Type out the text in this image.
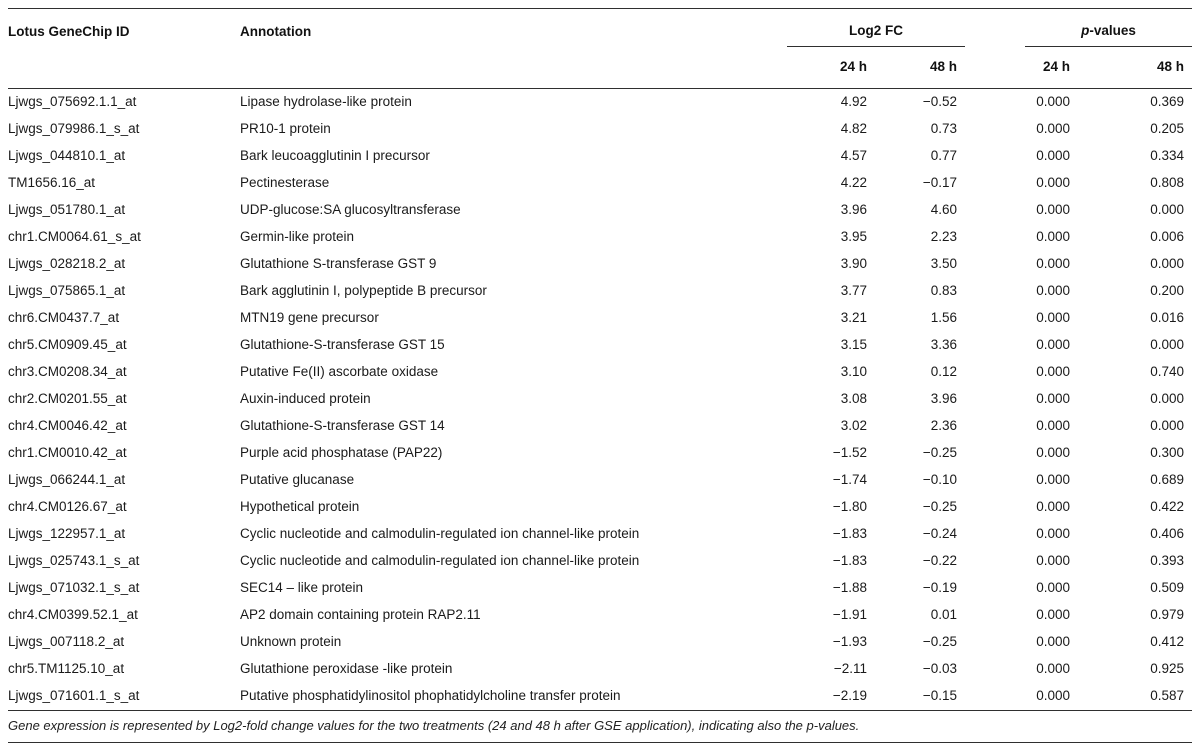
Lotus GeneChip ID	Annotation	Log2 FC		p-values	

		24 h	48 h	24 h	48 h
Ljwgs_075692.1.1_at	Lipase hydrolase-like protein	4.92	−0.52	0.000	0.369
Ljwgs_079986.1_s_at	PR10-1 protein	4.82	0.73	0.000	0.205
Ljwgs_044810.1_at	Bark leucoagglutinin I precursor	4.57	0.77	0.000	0.334
TM1656.16_at	Pectinesterase	4.22	−0.17	0.000	0.808
Ljwgs_051780.1_at	UDP-glucose:SA glucosyltransferase	3.96	4.60	0.000	0.000
chr1.CM0064.61_s_at	Germin-like protein	3.95	2.23	0.000	0.006
Ljwgs_028218.2_at	Glutathione S-transferase GST 9	3.90	3.50	0.000	0.000
Ljwgs_075865.1_at	Bark agglutinin I, polypeptide B precursor	3.77	0.83	0.000	0.200
chr6.CM0437.7_at	MTN19 gene precursor	3.21	1.56	0.000	0.016
chr5.CM0909.45_at	Glutathione-S-transferase GST 15	3.15	3.36	0.000	0.000
chr3.CM0208.34_at	Putative Fe(II) ascorbate oxidase	3.10	0.12	0.000	0.740
chr2.CM0201.55_at	Auxin-induced protein	3.08	3.96	0.000	0.000
chr4.CM0046.42_at	Glutathione-S-transferase GST 14	3.02	2.36	0.000	0.000
chr1.CM0010.42_at	Purple acid phosphatase (PAP22)	−1.52	−0.25	0.000	0.300
Ljwgs_066244.1_at	Putative glucanase	−1.74	−0.10	0.000	0.689
chr4.CM0126.67_at	Hypothetical protein	−1.80	−0.25	0.000	0.422
Ljwgs_122957.1_at	Cyclic nucleotide and calmodulin-regulated ion channel-like protein	−1.83	−0.24	0.000	0.406
Ljwgs_025743.1_s_at	Cyclic nucleotide and calmodulin-regulated ion channel-like protein	−1.83	−0.22	0.000	0.393
Ljwgs_071032.1_s_at	SEC14 – like protein	−1.88	−0.19	0.000	0.509
chr4.CM0399.52.1_at	AP2 domain containing protein RAP2.11	−1.91	0.01	0.000	0.979
Ljwgs_007118.2_at	Unknown protein	−1.93	−0.25	0.000	0.412
chr5.TM1125.10_at	Glutathione peroxidase -like protein	−2.11	−0.03	0.000	0.925
Ljwgs_071601.1_s_at	Putative phosphatidylinositol phophatidylcholine transfer protein	−2.19	−0.15	0.000	0.587
Gene expression is represented by Log2-fold change values for the two treatments (24 and 48 h after GSE application), indicating also the p-values.
